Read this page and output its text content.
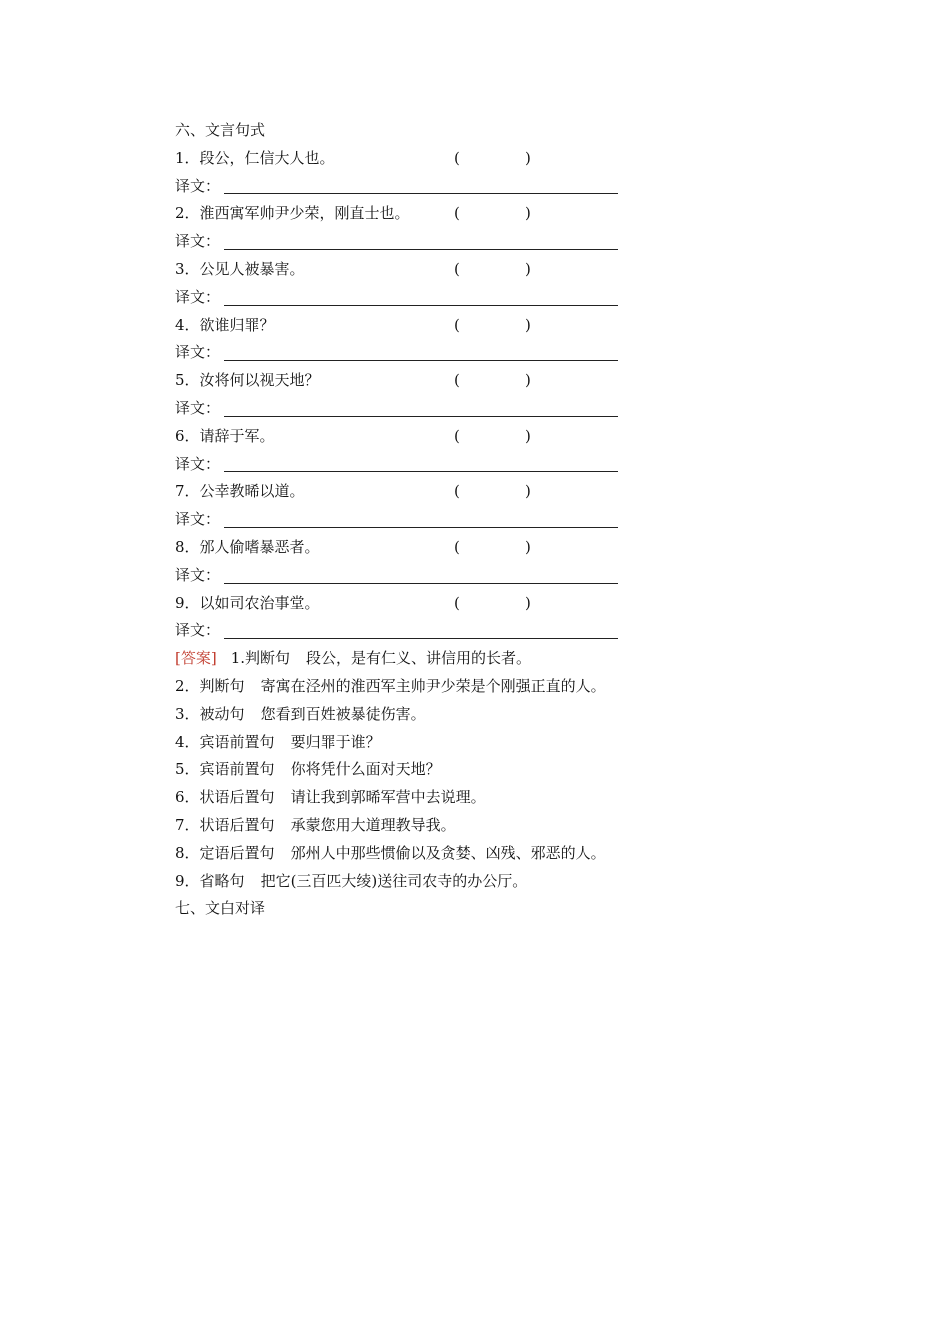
六、文言句式
1．段公，仁信大人也。	(	)
译文：
2．淮西寓军帅尹少荣，刚直士也。	(	)
译文：
3．公见人被暴害。	(	)
译文：
4．欲谁归罪？	(	)
译文：
5．汝将何以视天地？	(	)
译文：
6．请辞于军。	(	)
译文：
7．公幸教晞以道。	(	)
译文：
8．邠人偷嗜暴恶者。	(	)
译文：
9．以如司农治事堂。	(	)
译文：
[答案] 1.判断句 段公，是有仁义、讲信用的长者。
2．判断句 寄寓在泾州的淮西军主帅尹少荣是个刚强正直的人。
3．被动句 您看到百姓被暴徒伤害。
4．宾语前置句 要归罪于谁？
5．宾语前置句 你将凭什么面对天地？
6．状语后置句 请让我到郭晞军营中去说理。
7．状语后置句 承蒙您用大道理教导我。
8．定语后置句 邠州人中那些惯偷以及贪婪、凶残、邪恶的人。
9．省略句 把它(三百匹大绫)送往司农寺的办公厅。
七、文白对译
